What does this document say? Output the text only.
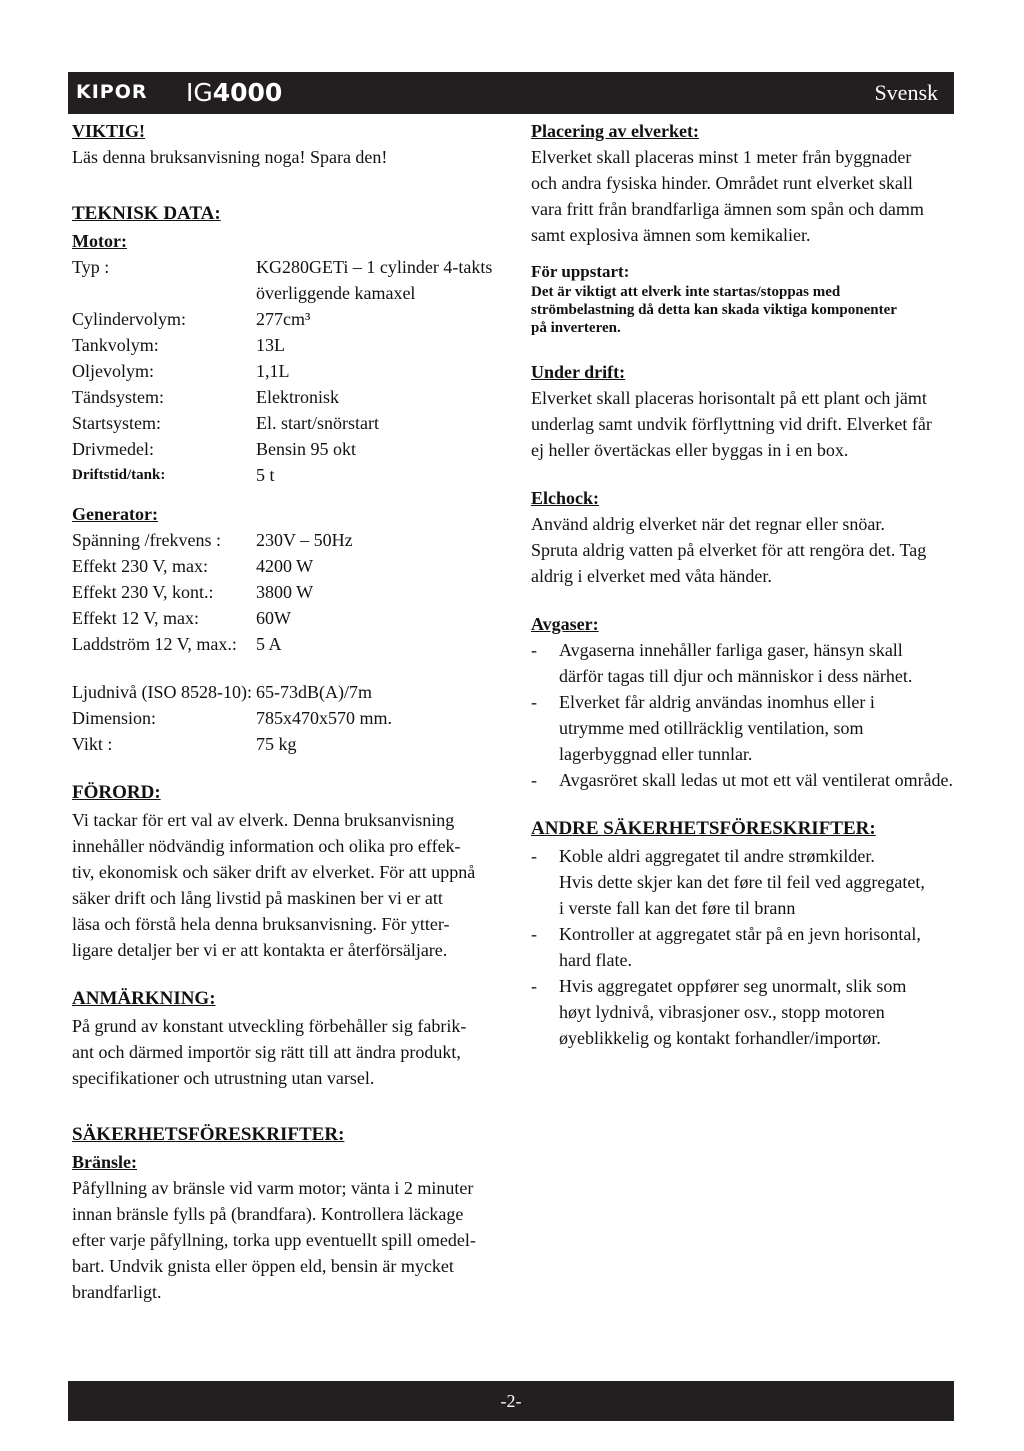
KIPOR IG4000	Svensk

VIKTIG!

Läs denna bruksanvisning noga! Spara den!

TEKNISK DATA:

Motor:

Typ :	KG280GETi – 1 cylinder 4-takts
överliggende kamaxel
Cylindervolym:	277cm³
Tankvolym:	13L
Oljevolym:	1,1L
Tändsystem:	Elektronisk
Startsystem:	El. start/snörstart
Drivmedel:	Bensin 95 okt
Driftstid/tank:	5 t

Generator:

Spänning /frekvens :	230V – 50Hz
Effekt 230 V, max:	4200 W
Effekt 230 V, kont.:	3800 W
Effekt 12 V, max:	60W
Laddström 12 V, max.:	5 A
Ljudnivå (ISO 8528-10): 65-73dB(A)/7m
Dimension:	785x470x570 mm.
Vikt :	75 kg

FÖRORD:

Vi tackar för ert val av elverk. Denna bruksanvisning

innehåller nödvändig information och olika pro effek-

tiv, ekonomisk och säker drift av elverket. För att uppnå

säker drift och lång livstid på maskinen ber vi er att

läsa och förstå hela denna bruksanvisning. För ytter-

ligare detaljer ber vi er att kontakta er återförsäljare.

ANMÄRKNING:

På grund av konstant utveckling förbehåller sig fabrik-

ant och därmed importör sig rätt till att ändra produkt,

specifikationer och utrustning utan varsel.

SÄKERHETSFÖRESKRIFTER:

Bränsle:

Påfyllning av bränsle vid varm motor; vänta i 2 minuter

innan bränsle fylls på (brandfara). Kontrollera läckage

efter varje påfyllning, torka upp eventuellt spill omedel-

bart. Undvik gnista eller öppen eld, bensin är mycket

brandfarligt.

Placering av elverket:

Elverket skall placeras minst 1 meter från byggnader

och andra fysiska hinder. Området runt elverket skall

vara fritt från brandfarliga ämnen som spån och damm

samt explosiva ämnen som kemikalier.

För uppstart:

Det är viktigt att elverk inte startas/stoppas med

strömbelastning då detta kan skada viktiga komponenter

på inverteren.

Under drift:

Elverket skall placeras horisontalt på ett plant och jämt

underlag samt undvik förflyttning vid drift. Elverket får

ej heller övertäckas eller byggas in i en box.

Elchock:

Använd aldrig elverket när det regnar eller snöar.

Spruta aldrig vatten på elverket för att rengöra det. Tag

aldrig i elverket med våta händer.

Avgaser:

-	Avgaserna innehåller farliga gaser, hänsyn skall
därför tagas till djur och människor i dess närhet.
-	Elverket får aldrig användas inomhus eller i
utrymme med otillräcklig ventilation, som
lagerbyggnad eller tunnlar.
-	Avgasröret skall ledas ut mot ett väl ventilerat område.

ANDRE SÄKERHETSFÖRESKRIFTER:

-	Koble aldri aggregatet til andre strømkilder.
Hvis dette skjer kan det føre til feil ved aggregatet,
i verste fall kan det føre til brann
-	Kontroller at aggregatet står på en jevn horisontal,
hard flate.
-	Hvis aggregatet oppfører seg unormalt, slik som
høyt lydnivå, vibrasjoner osv., stopp motoren
øyeblikkelig og kontakt forhandler/importør.
-2-
